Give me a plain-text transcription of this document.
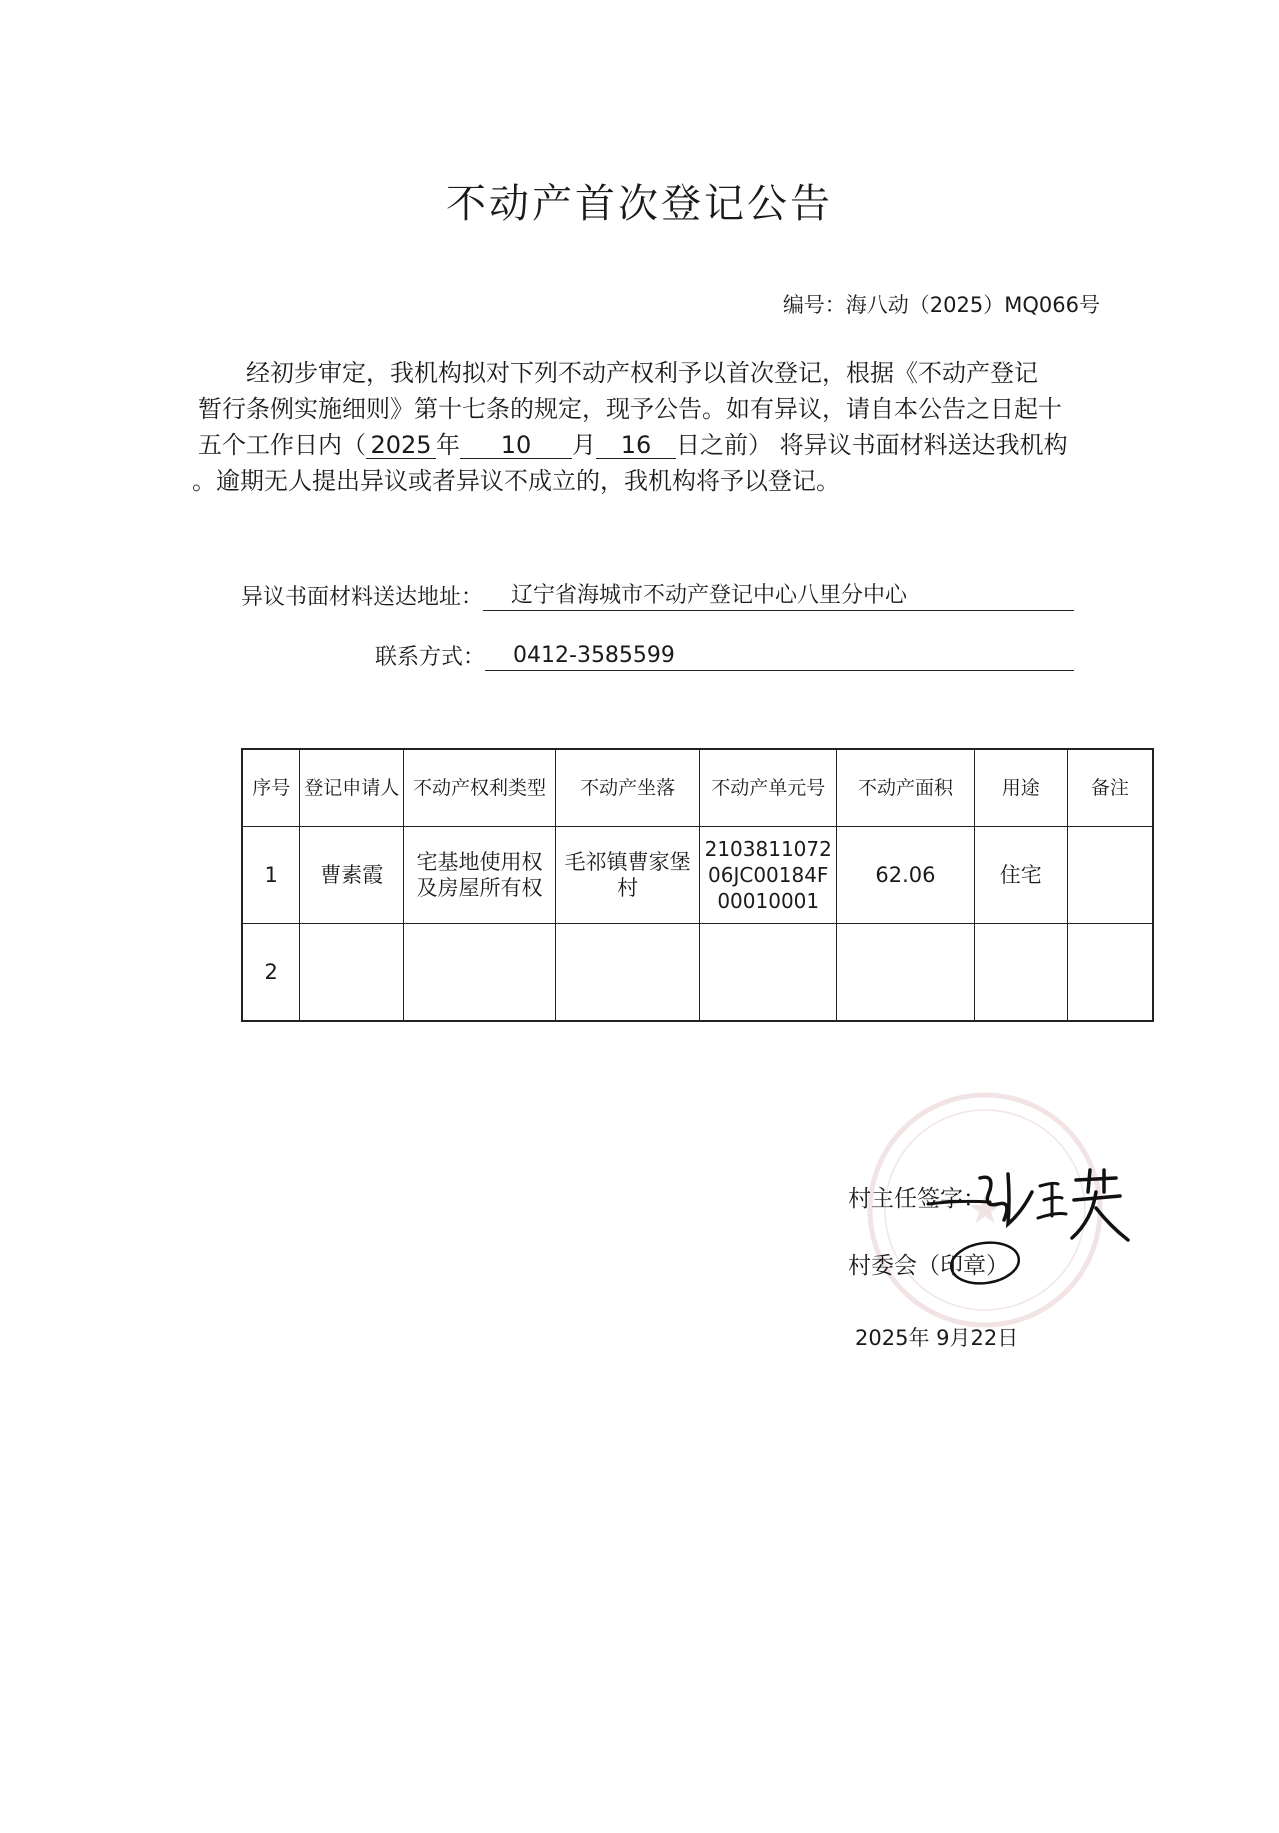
不动产首次登记公告
编号：海八动（2025）MQ066号

经初步审定，我机构拟对下列不动产权利予以首次登记，根据《不动产登记

暂行条例实施细则》第十七条的规定，现予公告。如有异议，请自本公告之日起十

五个工作日内（ 2025 年 10 月 16 日之前） 将异议书面材料送达我机构

。逾期无人提出异议或者异议不成立的，我机构将予以登记。

异议书面材料送达地址：	辽宁省海城市不动产登记中心八里分中心
联系方式：	0412-3585599
序号	登记申请人	不动产权利类型	不动产坐落	不动产单元号	不动产面积	用途	备注
1	曹素霞	宅基地使用权及房屋所有权	毛祁镇曹家堡村	210381107206JC00184F00010001	62.06	住宅	
2							
★
村主任签字：
村委会（印章）
2025年 9月22日
